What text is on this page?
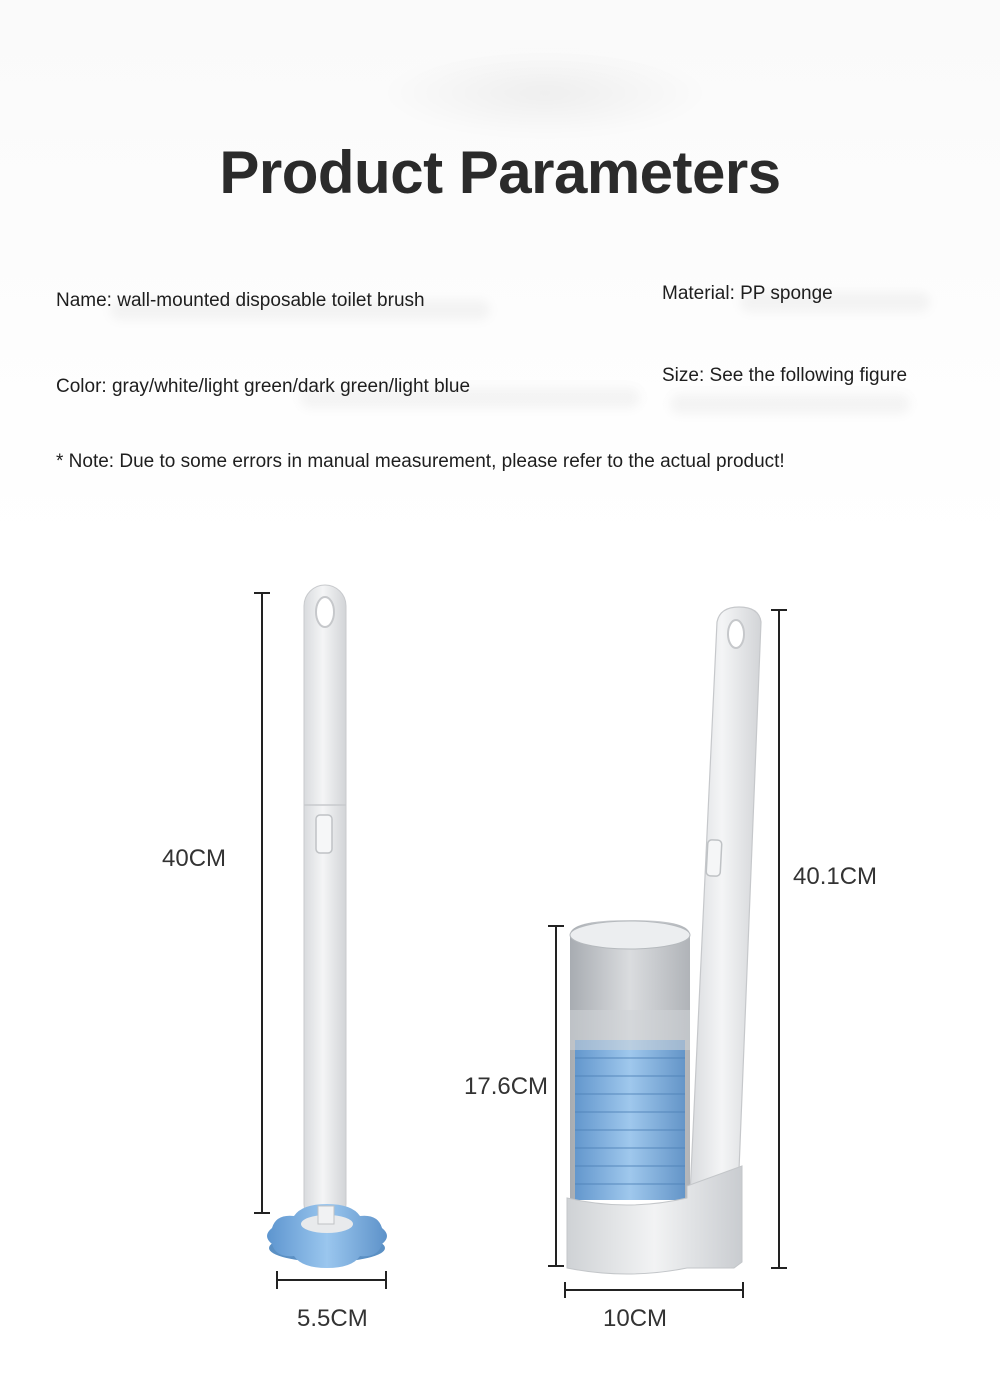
Product Parameters
Name: wall-mounted disposable toilet brush	Material: PP sponge
Color: gray/white/light green/dark green/light blue
Size: See the following figure
* Note: Due to some errors in manual measurement, please refer to the actual product!
40CM
5.5CM
40.1CM
17.6CM
10CM
